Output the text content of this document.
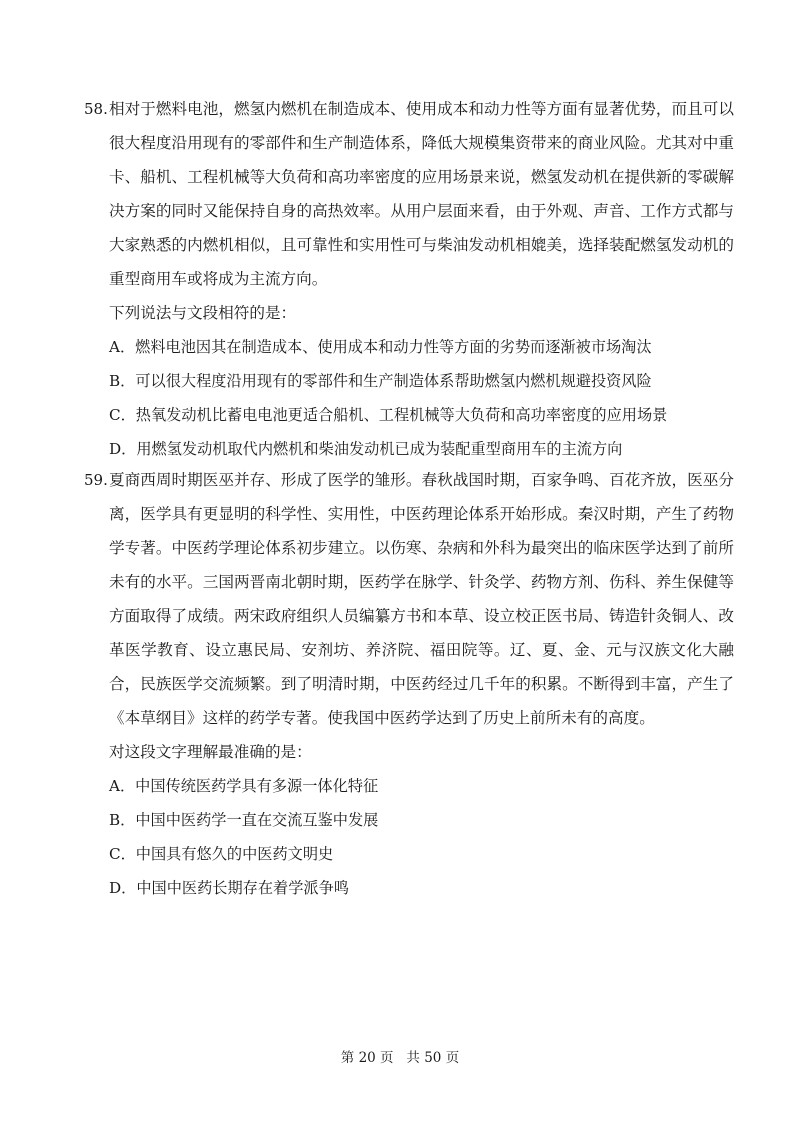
58. 相对于燃料电池，燃氢内燃机在制造成本、使用成本和动力性等方面有显著优势，而且可以很大程度沿用现有的零部件和生产制造体系，降低大规模集资带来的商业风险。尤其对中重卡、船机、工程机械等大负荷和高功率密度的应用场景来说，燃氢发动机在提供新的零碳解决方案的同时又能保持自身的高热效率。从用户层面来看，由于外观、声音、工作方式都与大家熟悉的内燃机相似，且可靠性和实用性可与柴油发动机相媲美，选择装配燃氢发动机的重型商用车或将成为主流方向。

下列说法与文段相符的是：

A．燃料电池因其在制造成本、使用成本和动力性等方面的劣势而逐渐被市场淘汰
B．可以很大程度沿用现有的零部件和生产制造体系帮助燃氢内燃机规避投资风险
C．热氧发动机比蓄电电池更适合船机、工程机械等大负荷和高功率密度的应用场景
D．用燃氢发动机取代内燃机和柴油发动机已成为装配重型商用车的主流方向
59. 夏商西周时期医巫并存、形成了医学的雏形。春秋战国时期，百家争鸣、百花齐放，医巫分离，医学具有更显明的科学性、实用性，中医药理论体系开始形成。秦汉时期，产生了药物学专著。中医药学理论体系初步建立。以伤寒、杂病和外科为最突出的临床医学达到了前所未有的水平。三国两晋南北朝时期，医药学在脉学、针灸学、药物方剂、伤科、养生保健等方面取得了成绩。两宋政府组织人员编纂方书和本草、设立校正医书局、铸造针灸铜人、改革医学教育、设立惠民局、安剂坊、养济院、福田院等。辽、夏、金、元与汉族文化大融合，民族医学交流频繁。到了明清时期，中医药经过几千年的积累。不断得到丰富，产生了《本草纲目》这样的药学专著。使我国中医药学达到了历史上前所未有的高度。

对这段文字理解最准确的是：

A．中国传统医药学具有多源一体化特征
B．中国中医药学一直在交流互鉴中发展
C．中国具有悠久的中医药文明史
D．中国中医药长期存在着学派争鸣
第 20 页   共 50 页
